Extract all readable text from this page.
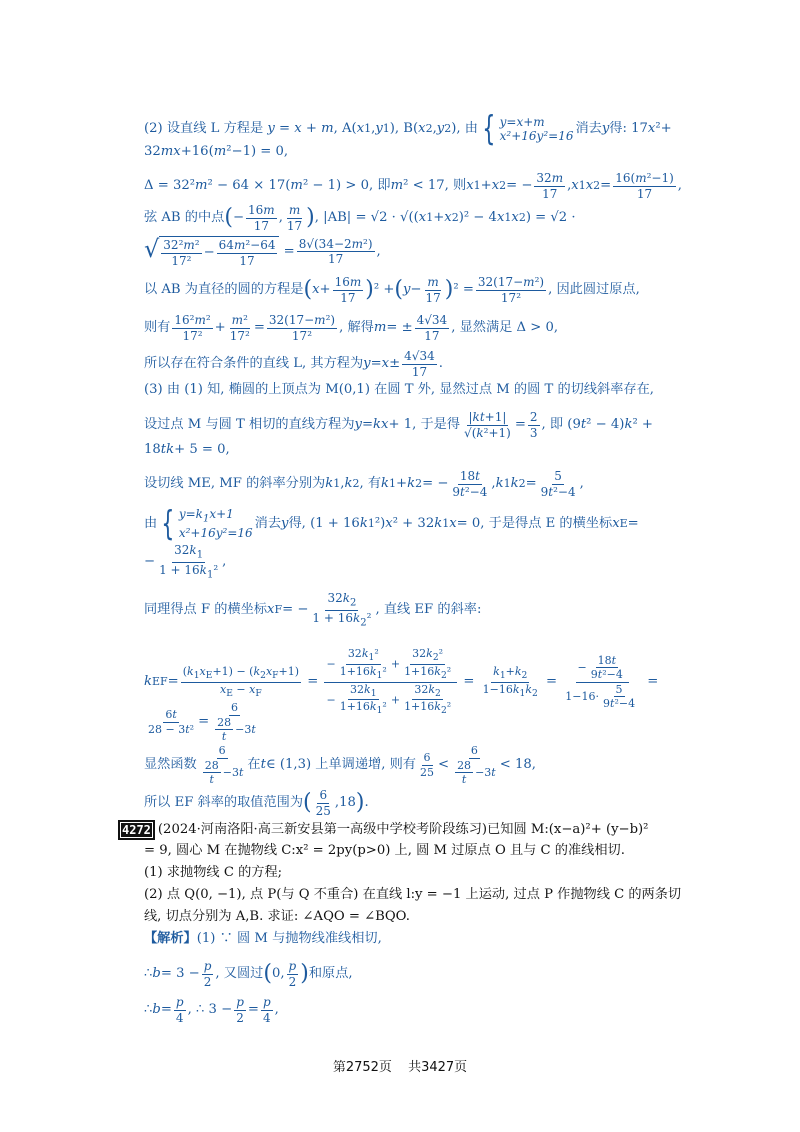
(2) 设直线 L 方程是 y = x + m , A( x 1 , y 1 ), B( x 2 , y 2 ), 由 { y=x+m
x²+16y²=16 消去 y 得: 17 x ²+
32 mx +16( m ²−1) = 0,
Δ = 32² m ² − 64 × 17( m ² − 1) > 0, 即 m ² < 17, 则 x 1 + x 2 = − $\frac{32m}{17}$ , x 1 x $2 = \frac{\text{16(m²−1)}}{17}$ ,
弦 AB 的中点 ( − $\frac{16m}{17}$ , $\frac{m}{17}$ ) , |AB| = √2 · √(( x 1 + x 2 )² − 4 x 1 x 2 ) = √2 ·
√ $\frac{\text{32²m²}}{\text{17²}} - \frac{\text{64m²−64}}{17} = \frac{\text{8√(34−2m²)}}{17}$ ,
以 AB 为直径的圆的方程是 ( $x + \frac{16m}{17}$ ) ² + ( $y - \frac{m}{17}$ ) $^2 = \frac{\text{32(17−m²)}}{\text{17²}}$ , 因此圆过原点,
则有 $\frac{\text{16²m²}}{\text{17²}} + \frac{\text{m²}}{\text{17²}} = \frac{\text{32(17−m²)}}{\text{17²}}$ , 解得 m = ± $\frac{4√34}{17}$ , 显然满足 Δ > 0,
所以存在符合条件的直线 L, 其方程为 $y = x \pm \frac{4√34}{17}$ .
(3) 由 (1) 知, 椭圆的上顶点为 M(0,1) 在圆 T 外, 显然过点 M 的圆 T 的切线斜率存在,
设过点 M 与圆 T 相切的直线方程为 y = kx + 1, 于是得 $\frac{|kt+1|}{\text{√(k²+1)}} = \frac{2}{3}$ , 即 (9 t ² − 4) k ² +
18 tk + 5 = 0,
设切线 ME, MF 的斜率分别为 k 1 , k 2 , 有 k 1 + k 2 = − $\frac{18t}{\text{9t²−4}}$ , k 1 k $2 = \frac{5}{\text{9t²−4}}$ ,
由 { $y=k_1x+1$
x²+16y²=16
消去 y 得, (1 + 16 k 1 ²) x ² + 32 k 1 x = 0, 于是得点 E 的横坐标 x E =
− $\frac{32k_1}{1 + 16k_1^2}$ ,
同理得点 F 的横坐标 x F = − $\frac{32k_2}{1 + 16k_2^2}$ , 直线 EF 的斜率:
k EF = $\frac{(k_1x_E+1) - (k_2x_F+1)}{x_E - x_F} = \frac{- \frac{32k_1^2}{1+16k_1^2} + \frac{32k_2^2}{1+16k_2^2}}{- \frac{32k_1}{1+16k_1^2} + \frac{32k_2}{1+16k_2^2}} = \frac{k_1+k_2}{1-16k_1k_2} = \frac{- \frac{18t}{\text{9t²−4}}}{1-16\cdot \frac{5}{\text{9t²−4}}}$ =
$\frac{6t}{\text{28 − 3t²}} = \frac{6}{\frac{28}{t} -3t}$
显然函数 $\frac{6}{\frac{28}{t} -3t}$ 在 t ∈ (1,3) 上单调递增, 则有 $\frac{6}{25} < \frac{6}{\frac{28}{t} -3t} < 18$,
所以 EF 斜率的取值范围为 ( $\frac{6}{25} ,18$ ) .
4272 (2024·河南洛阳·高三新安县第一高级中学校考阶段练习) 已知圆 M:(x−a)²+ (y−b)²
= 9, 圆心 M 在抛物线 C:x² = 2py(p>0) 上, 圆 M 过原点 O 且与 C 的准线相切.
(1) 求抛物线 C 的方程;
(2) 点 Q(0, −1), 点 P(与 Q 不重合) 在直线 l:y = −1 上运动, 过点 P 作抛物线 C 的两条切
线, 切点分别为 A,B. 求证: ∠AQO = ∠BQO.
【解析】 (1) ∵ 圆 M 与抛物线准线相切,
∴ $b = 3 - \frac{p}{2}$ , 又圆过 ( 0, $\frac{p}{2}$ ) 和原点,
∴ $b = \frac{p}{4}$ , ∴ $3 - \frac{p}{2} = \frac{p}{4}$ ,
第2752页 共3427页
